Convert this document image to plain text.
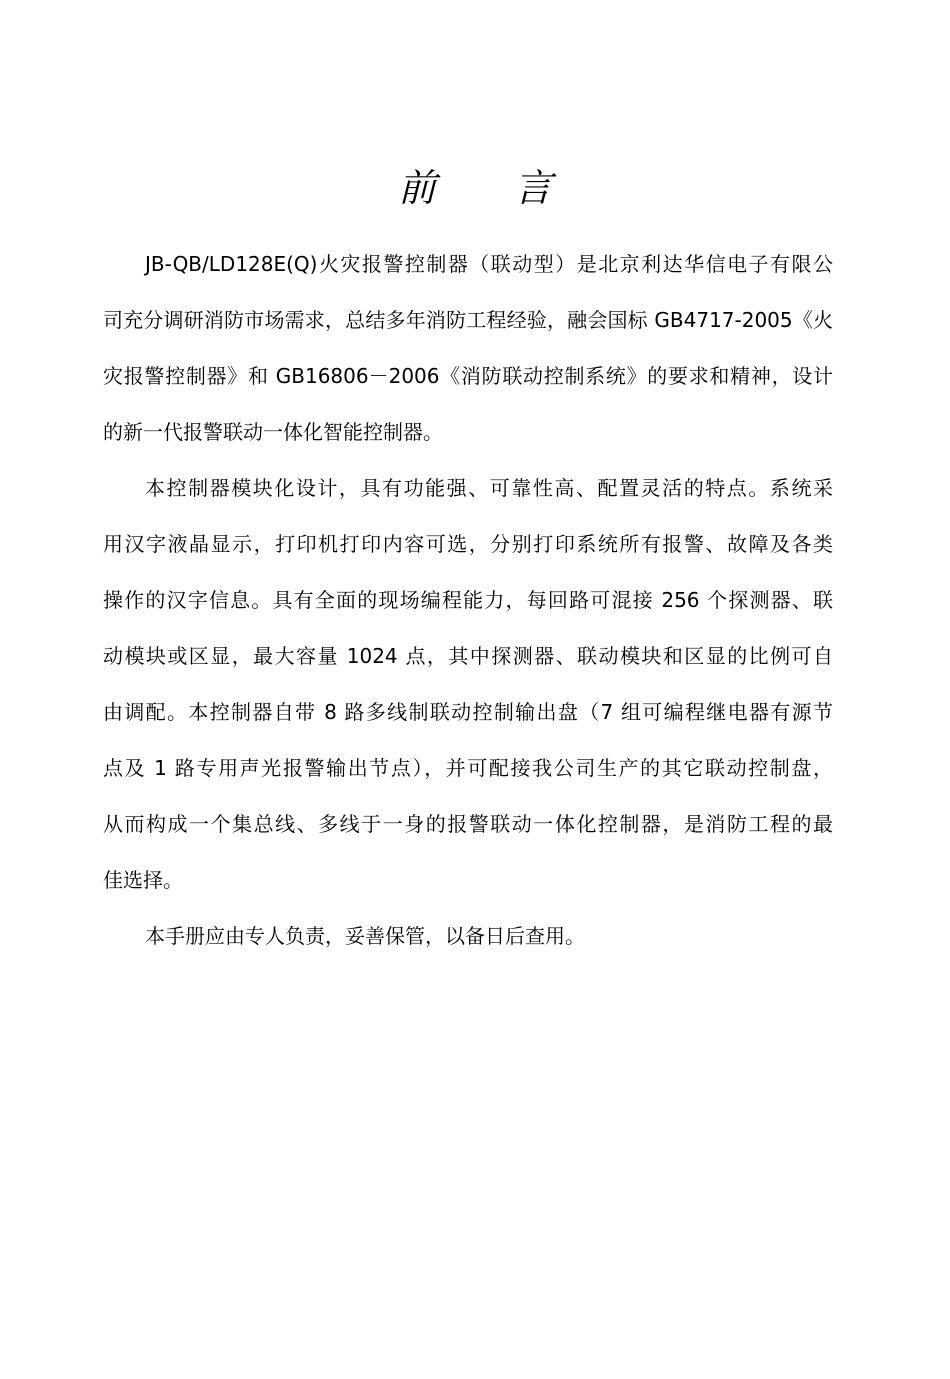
前 言
JB-QB/LD128E(Q)火灾报警控制器（联动型）是北京利达华信电子有限公
司充分调研消防市场需求，总结多年消防工程经验，融会国标 GB4717-2005《火
灾报警控制器》和 GB16806－2006《消防联动控制系统》的要求和精神，设计
的新一代报警联动一体化智能控制器。
本控制器模块化设计，具有功能强、可靠性高、配置灵活的特点。系统采
用汉字液晶显示，打印机打印内容可选，分别打印系统所有报警、故障及各类
操作的汉字信息。具有全面的现场编程能力，每回路可混接 256 个探测器、联
动模块或区显，最大容量 1024 点，其中探测器、联动模块和区显的比例可自
由调配。本控制器自带 8 路多线制联动控制输出盘（7 组可编程继电器有源节
点及 1 路专用声光报警输出节点），并可配接我公司生产的其它联动控制盘，
从而构成一个集总线、多线于一身的报警联动一体化控制器，是消防工程的最
佳选择。
本手册应由专人负责，妥善保管，以备日后查用。
